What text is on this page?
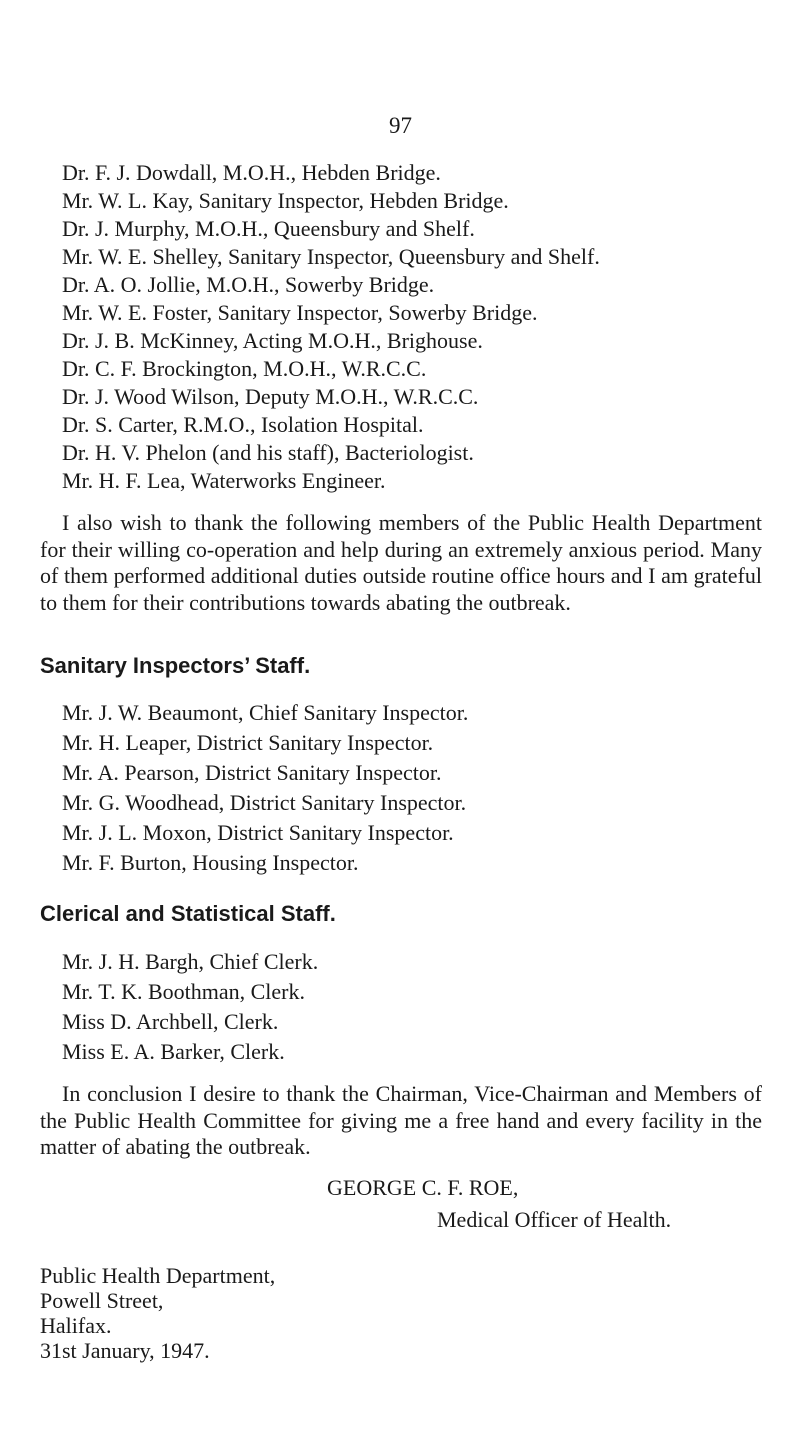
97
Dr. F. J. Dowdall, M.O.H., Hebden Bridge.
Mr. W. L. Kay, Sanitary Inspector, Hebden Bridge.
Dr. J. Murphy, M.O.H., Queensbury and Shelf.
Mr. W. E. Shelley, Sanitary Inspector, Queensbury and Shelf.
Dr. A. O. Jollie, M.O.H., Sowerby Bridge.
Mr. W. E. Foster, Sanitary Inspector, Sowerby Bridge.
Dr. J. B. McKinney, Acting M.O.H., Brighouse.
Dr. C. F. Brockington, M.O.H., W.R.C.C.
Dr. J. Wood Wilson, Deputy M.O.H., W.R.C.C.
Dr. S. Carter, R.M.O., Isolation Hospital.
Dr. H. V. Phelon (and his staff), Bacteriologist.
Mr. H. F. Lea, Waterworks Engineer.

I also wish to thank the following members of the Public Health Department for their willing co-operation and help during an extremely anxious period. Many of them performed additional duties outside routine office hours and I am grateful to them for their contributions towards abating the outbreak.

Sanitary Inspectors’ Staff.
Mr. J. W. Beaumont, Chief Sanitary Inspector.
Mr. H. Leaper, District Sanitary Inspector.
Mr. A. Pearson, District Sanitary Inspector.
Mr. G. Woodhead, District Sanitary Inspector.
Mr. J. L. Moxon, District Sanitary Inspector.
Mr. F. Burton, Housing Inspector.
Clerical and Statistical Staff.
Mr. J. H. Bargh, Chief Clerk.
Mr. T. K. Boothman, Clerk.
Miss D. Archbell, Clerk.
Miss E. A. Barker, Clerk.

In conclusion I desire to thank the Chairman, Vice-Chairman and Members of the Public Health Committee for giving me a free hand and every facility in the matter of abating the outbreak.

GEORGE C. F. ROE,
Medical Officer of Health.
Public Health Department,
Powell Street,
Halifax.
31st January, 1947.
